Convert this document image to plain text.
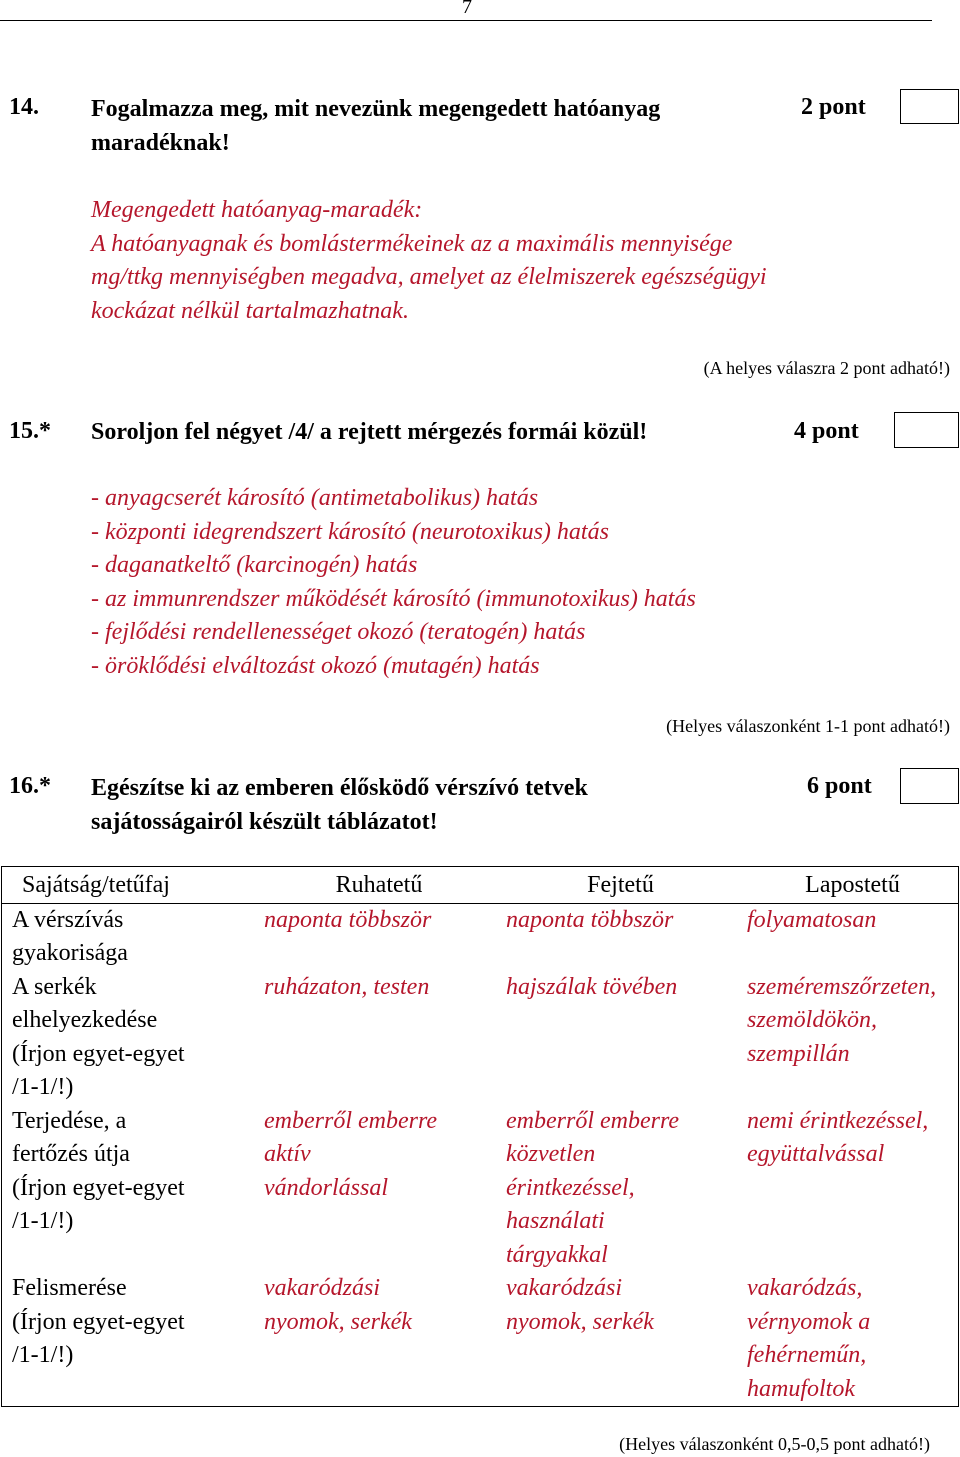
7
14. Fogalmazza meg, mit nevezünk megengedett hatóanyag
maradéknak!
2 pont
Megengedett hatóanyag-maradék:
A hatóanyagnak és bomlástermékeinek az a maximális mennyisége
mg/ttkg mennyiségben megadva, amelyet az élelmiszerek egészségügyi
kockázat nélkül tartalmazhatnak.
(A helyes válaszra 2 pont adható!)
15.* Soroljon fel négyet /4/ a rejtett mérgezés formái közül!	4 pont
- anyagcserét károsító (antimetabolikus) hatás
- központi idegrendszert károsító (neurotoxikus) hatás
- daganatkeltő (karcinogén) hatás
- az immunrendszer működését károsító (immunotoxikus) hatás
- fejlődési rendellenességet okozó (teratogén) hatás
- öröklődési elváltozást okozó (mutagén) hatás
(Helyes válaszonként 1-1 pont adható!)
16.* Egészítse ki az emberen élősködő vérszívó tetvek
sajátosságairól készült táblázatot!
6 pont
Sajátság/tetűfaj	Ruhatetű	Fejtetű	Lapostetű

A vérszívás
gyakorisága	naponta többször	naponta többször	folyamatosan

A serkék
elhelyezkedése
(Írjon egyet-egyet
/1-1/!)	ruházaton, testen	hajszálak tövében	szeméremszőrzeten,
szemöldökön,
szempillán

Terjedése, a
fertőzés útja
(Írjon egyet-egyet
/1-1/!)	emberről emberre
aktív
vándorlással	emberről emberre
közvetlen
érintkezéssel,
használati
tárgyakkal	nemi érintkezéssel,
együttalvással

Felismerése
(Írjon egyet-egyet
/1-1/!)	vakaródzási
nyomok, serkék	vakaródzási
nyomok, serkék	vakaródzás,
vérnyomok a
fehérneműn,
hamufoltok
(Helyes válaszonként 0,5-0,5 pont adható!)
